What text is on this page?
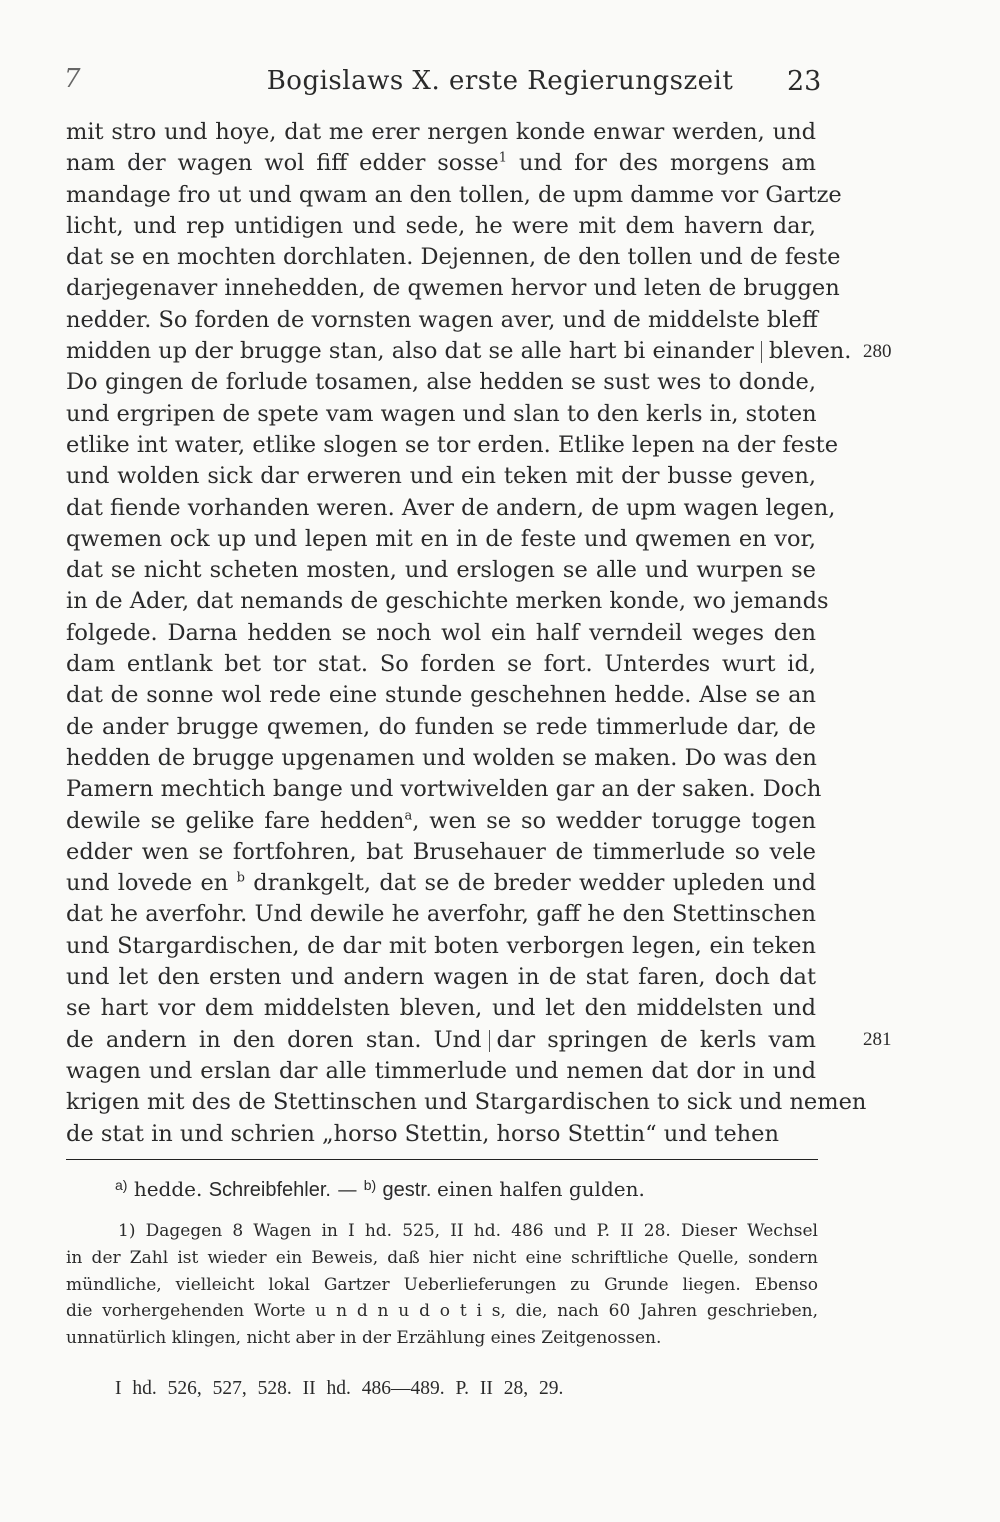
7	Bogislaws X. erste Regierungszeit	23
mit stro und hoye, dat me erer nergen konde enwar werden, und
nam der wagen wol fiff edder sosse$^1$ und for des morgens am
mandage fro ut und qwam an den tollen, de upm damme vor Gartze
licht, und rep untidigen und sede, he were mit dem havern dar,
dat se en mochten dorchlaten. Dejennen, de den tollen und de feste
darjegenaver innehedden, de qwemen hervor und leten de bruggen
nedder. So forden de vornsten wagen aver, und de middelste bleff
midden up der brugge stan, also dat se alle hart bi einander bleven.
Do gingen de forlude tosamen, alse hedden se sust wes to donde,
und ergripen de spete vam wagen und slan to den kerls in, stoten
etlike int water, etlike slogen se tor erden. Etlike lepen na der feste
und wolden sick dar erweren und ein teken mit der busse geven,
dat fiende vorhanden weren. Aver de andern, de upm wagen legen,
qwemen ock up und lepen mit en in de feste und qwemen en vor,
dat se nicht scheten mosten, und erslogen se alle und wurpen se
in de Ader, dat nemands de geschichte merken konde, wo jemands
folgede. Darna hedden se noch wol ein half verndeil weges den
dam entlank bet tor stat. So forden se fort. Unterdes wurt id,
dat de sonne wol rede eine stunde geschehnen hedde. Alse se an
de ander brugge qwemen, do funden se rede timmerlude dar, de
hedden de brugge upgenamen und wolden se maken. Do was den
Pamern mechtich bange und vortwivelden gar an der saken. Doch
dewile se gelike fare hedden$^a$, wen se so wedder torugge togen
edder wen se fortfohren, bat Brusehauer de timmerlude so vele
und lovede en $^b$ drankgelt, dat se de breder wedder upleden und
dat he averfohr. Und dewile he averfohr, gaff he den Stettinschen
und Stargardischen, de dar mit boten verborgen legen, ein teken
und let den ersten und andern wagen in de stat faren, doch dat
se hart vor dem middelsten bleven, und let den middelsten und
de andern in den doren stan. Und dar springen de kerls vam
wagen und erslan dar alle timmerlude und nemen dat dor in und
krigen mit des de Stettinschen und Stargardischen to sick und nemen
de stat in und schrien „horso Stettin, horso Stettin“ und tehen
280
281
$^{a)}$ hedde. Schreibfehler. — $^{b)}$ gestr. einen halfen gulden.
1) Dagegen 8 Wagen in I hd. 525, II hd. 486 und P. II 28. Dieser Wechsel
in der Zahl ist wieder ein Beweis, daß hier nicht eine schriftliche Quelle, sondern
mündliche, vielleicht lokal Gartzer Ueberlieferungen zu Grunde liegen. Ebenso
die vorhergehenden Worte u n d n u d o t i s, die, nach 60 Jahren geschrieben,
unnatürlich klingen, nicht aber in der Erzählung eines Zeitgenossen.
I hd. 526, 527, 528. II hd. 486—489. P. II 28, 29.
